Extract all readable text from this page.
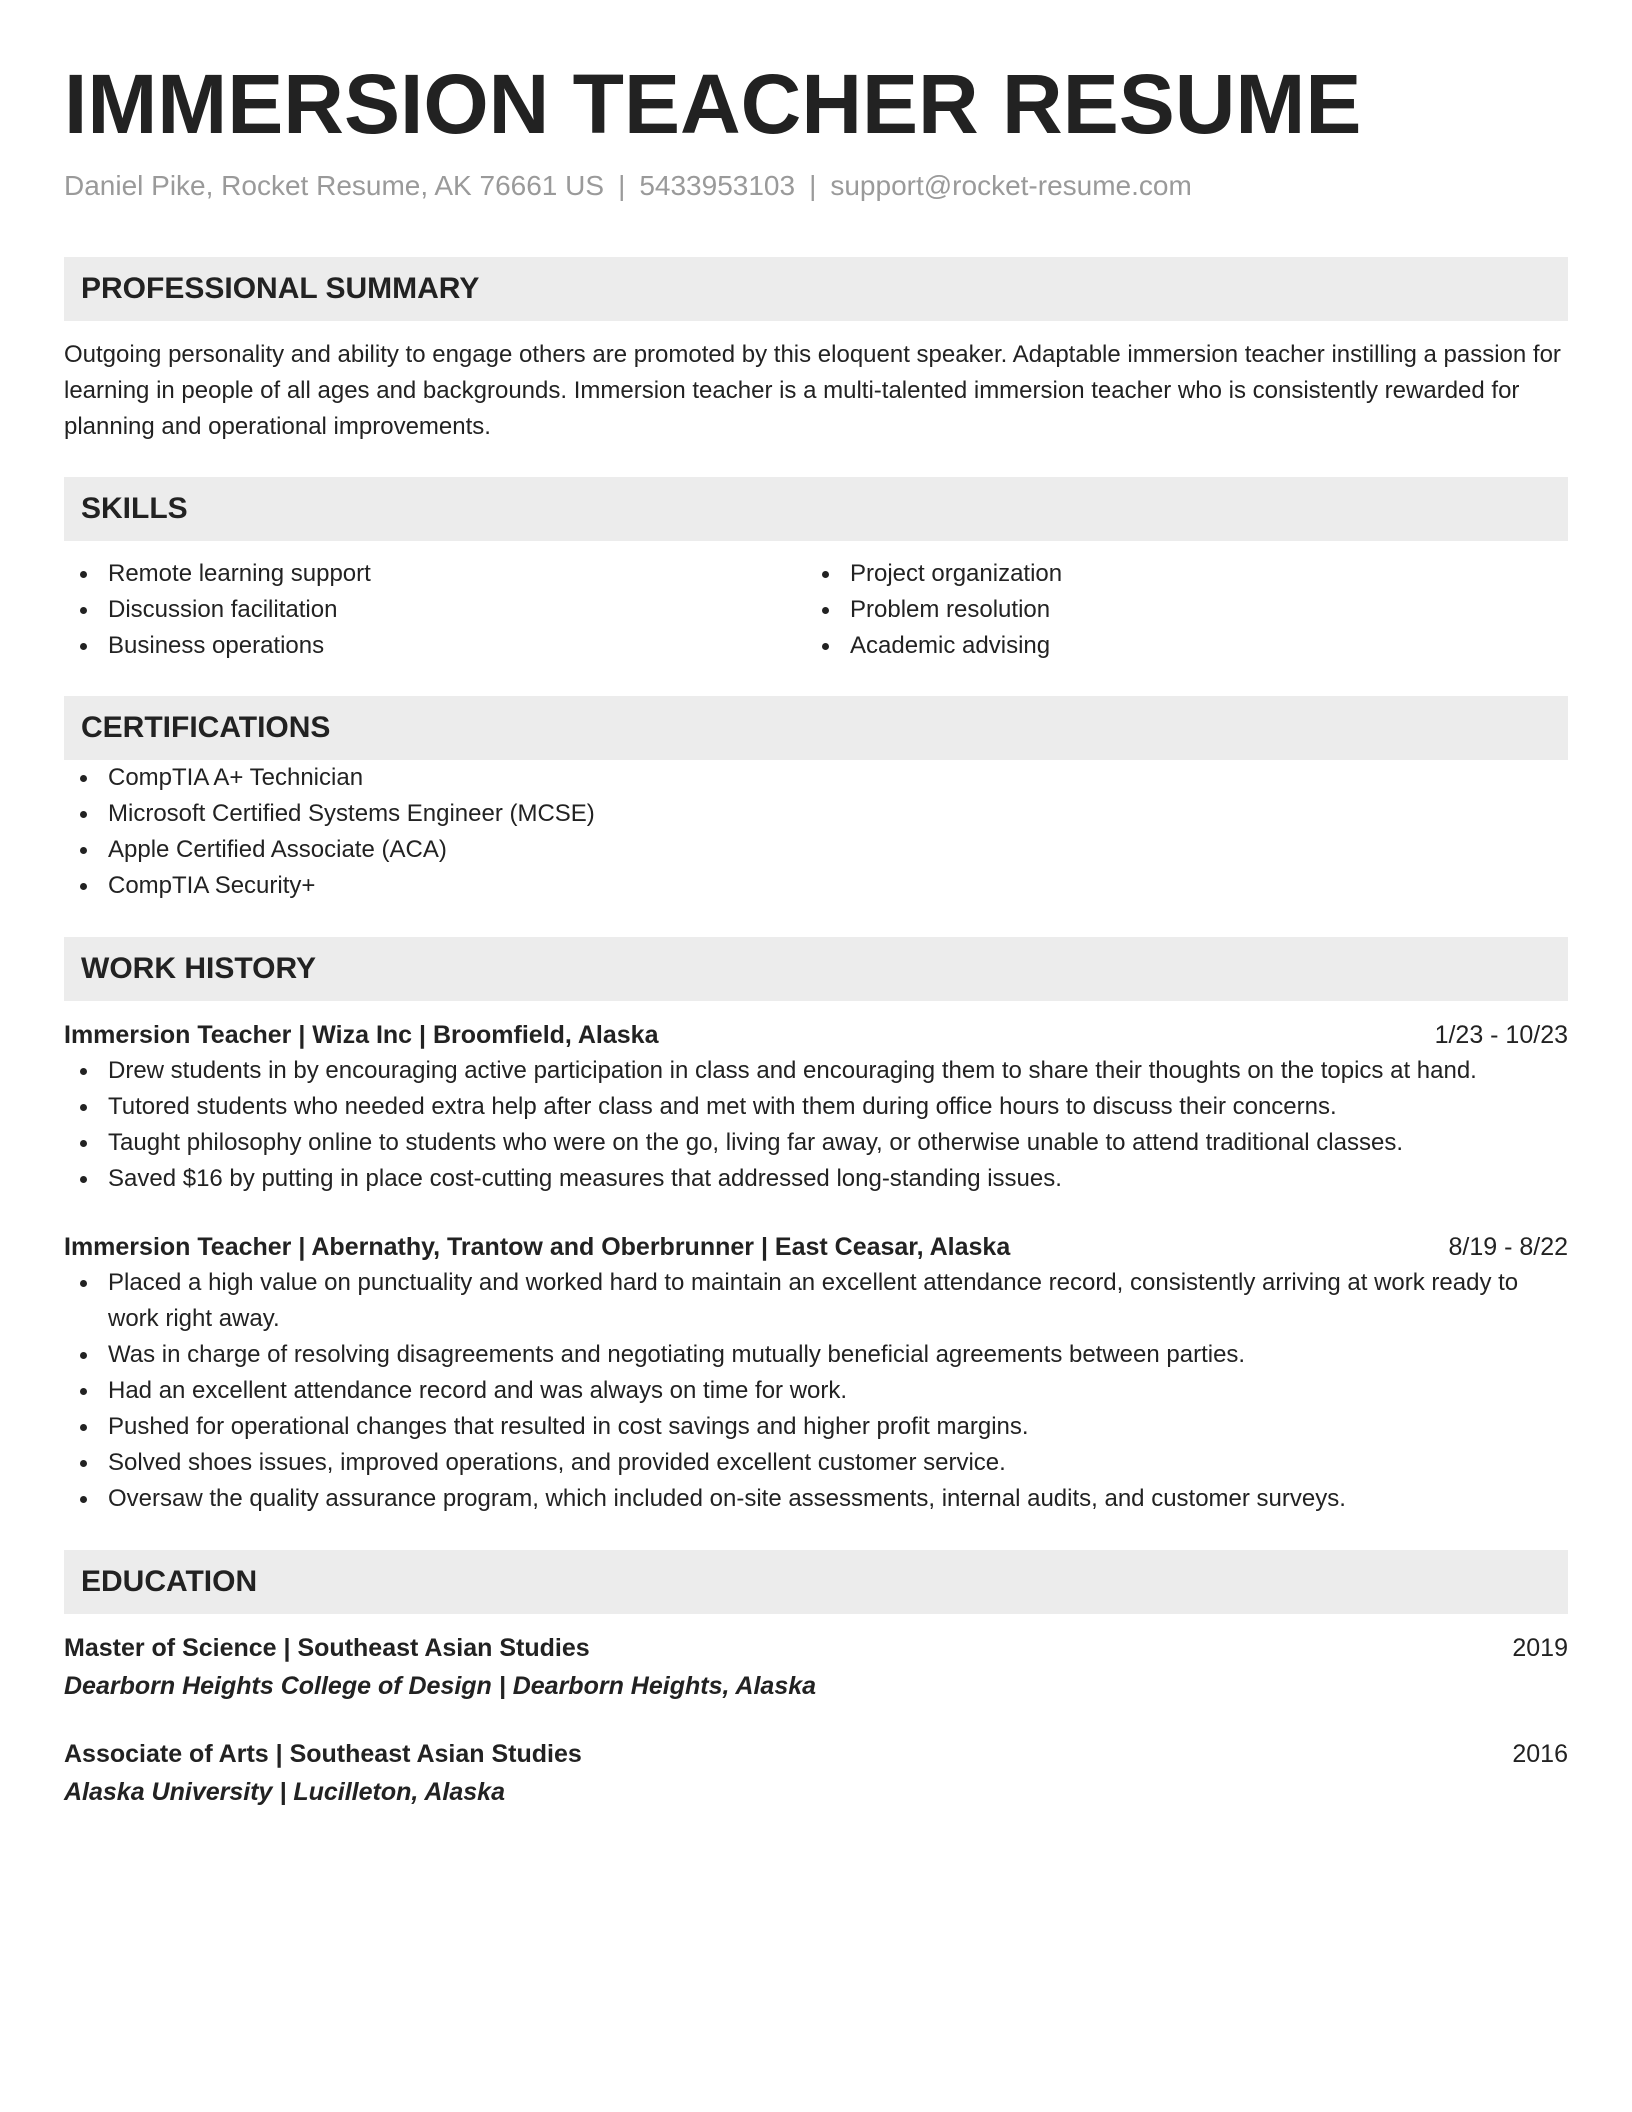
IMMERSION TEACHER RESUME
Daniel Pike, Rocket Resume, AK 76661 US | 5433953103 | support@rocket-resume.com
PROFESSIONAL SUMMARY
Outgoing personality and ability to engage others are promoted by this eloquent speaker. Adaptable immersion teacher instilling a passion for learning in people of all ages and backgrounds. Immersion teacher is a multi-talented immersion teacher who is consistently rewarded for planning and operational improvements.
SKILLS
Remote learning support
Discussion facilitation
Business operations
Project organization
Problem resolution
Academic advising
CERTIFICATIONS
CompTIA A+ Technician
Microsoft Certified Systems Engineer (MCSE)
Apple Certified Associate (ACA)
CompTIA Security+
WORK HISTORY
Immersion Teacher | Wiza Inc | Broomfield, Alaska	1/23 - 10/23
Drew students in by encouraging active participation in class and encouraging them to share their thoughts on the topics at hand.
Tutored students who needed extra help after class and met with them during office hours to discuss their concerns.
Taught philosophy online to students who were on the go, living far away, or otherwise unable to attend traditional classes.
Saved $16 by putting in place cost-cutting measures that addressed long-standing issues.
Immersion Teacher | Abernathy, Trantow and Oberbrunner | East Ceasar, Alaska	8/19 - 8/22
Placed a high value on punctuality and worked hard to maintain an excellent attendance record, consistently arriving at work ready to work right away.
Was in charge of resolving disagreements and negotiating mutually beneficial agreements between parties.
Had an excellent attendance record and was always on time for work.
Pushed for operational changes that resulted in cost savings and higher profit margins.
Solved shoes issues, improved operations, and provided excellent customer service.
Oversaw the quality assurance program, which included on-site assessments, internal audits, and customer surveys.
EDUCATION
Master of Science | Southeast Asian Studies	2019
Dearborn Heights College of Design | Dearborn Heights, Alaska
Associate of Arts | Southeast Asian Studies	2016
Alaska University | Lucilleton, Alaska
